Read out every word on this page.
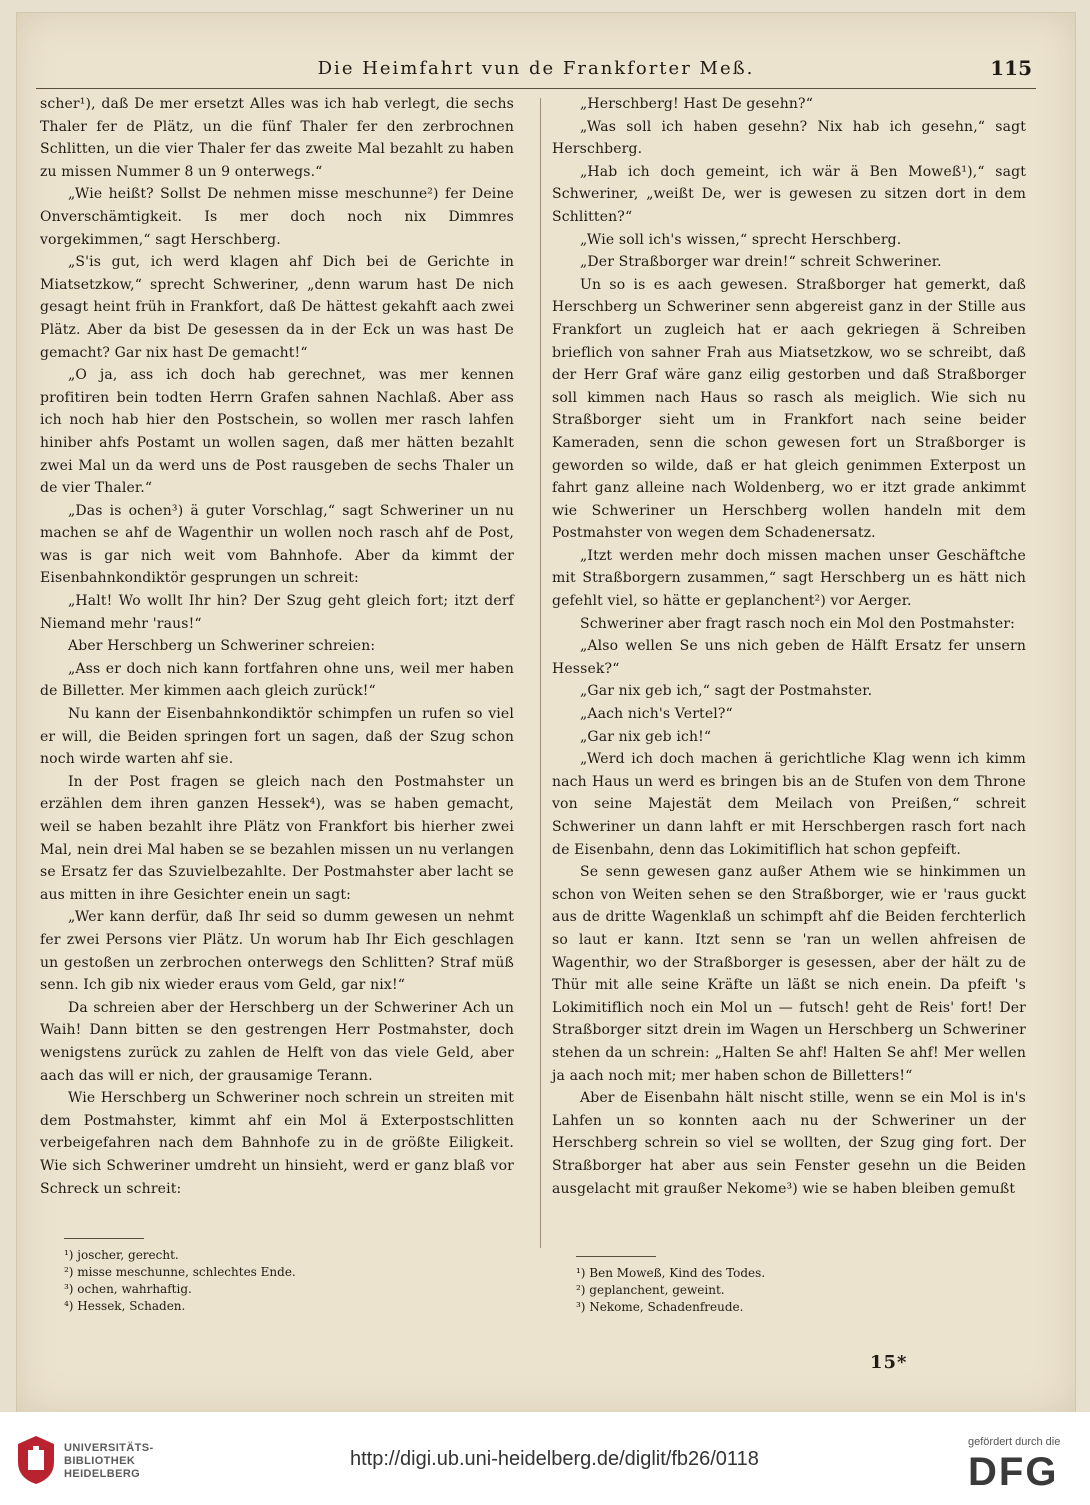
Die Heimfahrt vun de Frankforter Meß.	115

scher¹), daß De mer ersetzt Alles was ich hab verlegt, die sechs Thaler fer de Plätz, un die fünf Thaler fer den zerbrochnen Schlitten, un die vier Thaler fer das zweite Mal bezahlt zu haben zu missen Nummer 8 un 9 onterwegs.“

„Wie heißt? Sollst De nehmen misse meschunne²) fer Deine Onverschämtigkeit. Is mer doch noch nix Dimmres vorgekimmen,“ sagt Herschberg.

„S'is gut, ich werd klagen ahf Dich bei de Gerichte in Miatsetzkow,“ sprecht Schweriner, „denn warum hast De nich gesagt heint früh in Frankfort, daß De hättest gekahft aach zwei Plätz. Aber da bist De gesessen da in der Eck un was hast De gemacht? Gar nix hast De gemacht!“

„O ja, ass ich doch hab gerechnet, was mer kennen profitiren bein todten Herrn Grafen sahnen Nachlaß. Aber ass ich noch hab hier den Postschein, so wollen mer rasch lahfen hiniber ahfs Postamt un wollen sagen, daß mer hätten bezahlt zwei Mal un da werd uns de Post rausgeben de sechs Thaler un de vier Thaler.“

„Das is ochen³) ä guter Vorschlag,“ sagt Schweriner un nu machen se ahf de Wagenthir un wollen noch rasch ahf de Post, was is gar nich weit vom Bahnhofe. Aber da kimmt der Eisenbahnkondiktör gesprungen un schreit:

„Halt! Wo wollt Ihr hin? Der Szug geht gleich fort; itzt derf Niemand mehr 'raus!“

Aber Herschberg un Schweriner schreien:

„Ass er doch nich kann fortfahren ohne uns, weil mer haben de Billetter. Mer kimmen aach gleich zurück!“

Nu kann der Eisenbahnkondiktör schimpfen un rufen so viel er will, die Beiden springen fort un sagen, daß der Szug schon noch wirde warten ahf sie.

In der Post fragen se gleich nach den Postmahster un erzählen dem ihren ganzen Hessek⁴), was se haben gemacht, weil se haben bezahlt ihre Plätz von Frankfort bis hierher zwei Mal, nein drei Mal haben se se bezahlen missen un nu verlangen se Ersatz fer das Szuvielbezahlte. Der Postmahster aber lacht se aus mitten in ihre Gesichter enein un sagt:

„Wer kann derfür, daß Ihr seid so dumm gewesen un nehmt fer zwei Persons vier Plätz. Un worum hab Ihr Eich geschlagen un gestoßen un zerbrochen onterwegs den Schlitten? Straf müß senn. Ich gib nix wieder eraus vom Geld, gar nix!“

Da schreien aber der Herschberg un der Schweriner Ach un Waih! Dann bitten se den gestrengen Herr Postmahster, doch wenigstens zurück zu zahlen de Helft von das viele Geld, aber aach das will er nich, der grausamige Terann.

Wie Herschberg un Schweriner noch schrein un streiten mit dem Postmahster, kimmt ahf ein Mol ä Exterpostschlitten verbeigefahren nach dem Bahnhofe zu in de größte Eiligkeit. Wie sich Schweriner umdreht un hinsieht, werd er ganz blaß vor Schreck un schreit:

„Herschberg! Hast De gesehn?“

„Was soll ich haben gesehn? Nix hab ich gesehn,“ sagt Herschberg.

„Hab ich doch gemeint, ich wär ä Ben Moweß¹),“ sagt Schweriner, „weißt De, wer is gewesen zu sitzen dort in dem Schlitten?“

„Wie soll ich's wissen,“ sprecht Herschberg.

„Der Straßborger war drein!“ schreit Schweriner.

Un so is es aach gewesen. Straßborger hat gemerkt, daß Herschberg un Schweriner senn abgereist ganz in der Stille aus Frankfort un zugleich hat er aach gekriegen ä Schreiben brieflich von sahner Frah aus Miatsetzkow, wo se schreibt, daß der Herr Graf wäre ganz eilig gestorben und daß Straßborger soll kimmen nach Haus so rasch als meiglich. Wie sich nu Straßborger sieht um in Frankfort nach seine beider Kameraden, senn die schon gewesen fort un Straßborger is geworden so wilde, daß er hat gleich genimmen Exterpost un fahrt ganz alleine nach Woldenberg, wo er itzt grade ankimmt wie Schweriner un Herschberg wollen handeln mit dem Postmahster von wegen dem Schadenersatz.

„Itzt werden mehr doch missen machen unser Geschäftche mit Straßborgern zusammen,“ sagt Herschberg un es hätt nich gefehlt viel, so hätte er geplanchent²) vor Aerger.

Schweriner aber fragt rasch noch ein Mol den Postmahster:

„Also wellen Se uns nich geben de Hälft Ersatz fer unsern Hessek?“

„Gar nix geb ich,“ sagt der Postmahster.

„Aach nich's Vertel?“

„Gar nix geb ich!“

„Werd ich doch machen ä gerichtliche Klag wenn ich kimm nach Haus un werd es bringen bis an de Stufen von dem Throne von seine Majestät dem Meilach von Preißen,“ schreit Schweriner un dann lahft er mit Herschbergen rasch fort nach de Eisenbahn, denn das Lokimitiflich hat schon gepfeift.

Se senn gewesen ganz außer Athem wie se hinkimmen un schon von Weiten sehen se den Straßborger, wie er 'raus guckt aus de dritte Wagenklaß un schimpft ahf die Beiden ferchterlich so laut er kann. Itzt senn se 'ran un wellen ahfreisen de Wagenthir, wo der Straßborger is gesessen, aber der hält zu de Thür mit alle seine Kräfte un läßt se nich enein. Da pfeift 's Lokimitiflich noch ein Mol un — futsch! geht de Reis' fort! Der Straßborger sitzt drein im Wagen un Herschberg un Schweriner stehen da un schrein: „Halten Se ahf! Halten Se ahf! Mer wellen ja aach noch mit; mer haben schon de Billetters!“

Aber de Eisenbahn hält nischt stille, wenn se ein Mol is in's Lahfen un so konnten aach nu der Schweriner un der Herschberg schrein so viel se wollten, der Szug ging fort. Der Straßborger hat aber aus sein Fenster gesehn un die Beiden ausgelacht mit graußer Nekome³) wie se haben bleiben gemußt

¹) joscher, gerecht.
²) misse meschunne, schlechtes Ende.
³) ochen, wahrhaftig.
⁴) Hessek, Schaden.
¹) Ben Moweß, Kind des Todes.
²) geplanchent, geweint.
³) Nekome, Schadenfreude.
15*
UNIVERSITÄTS-
BIBLIOTHEK
HEIDELBERG
http://digi.ub.uni-heidelberg.de/diglit/fb26/0118
gefördert durch die
DFG
